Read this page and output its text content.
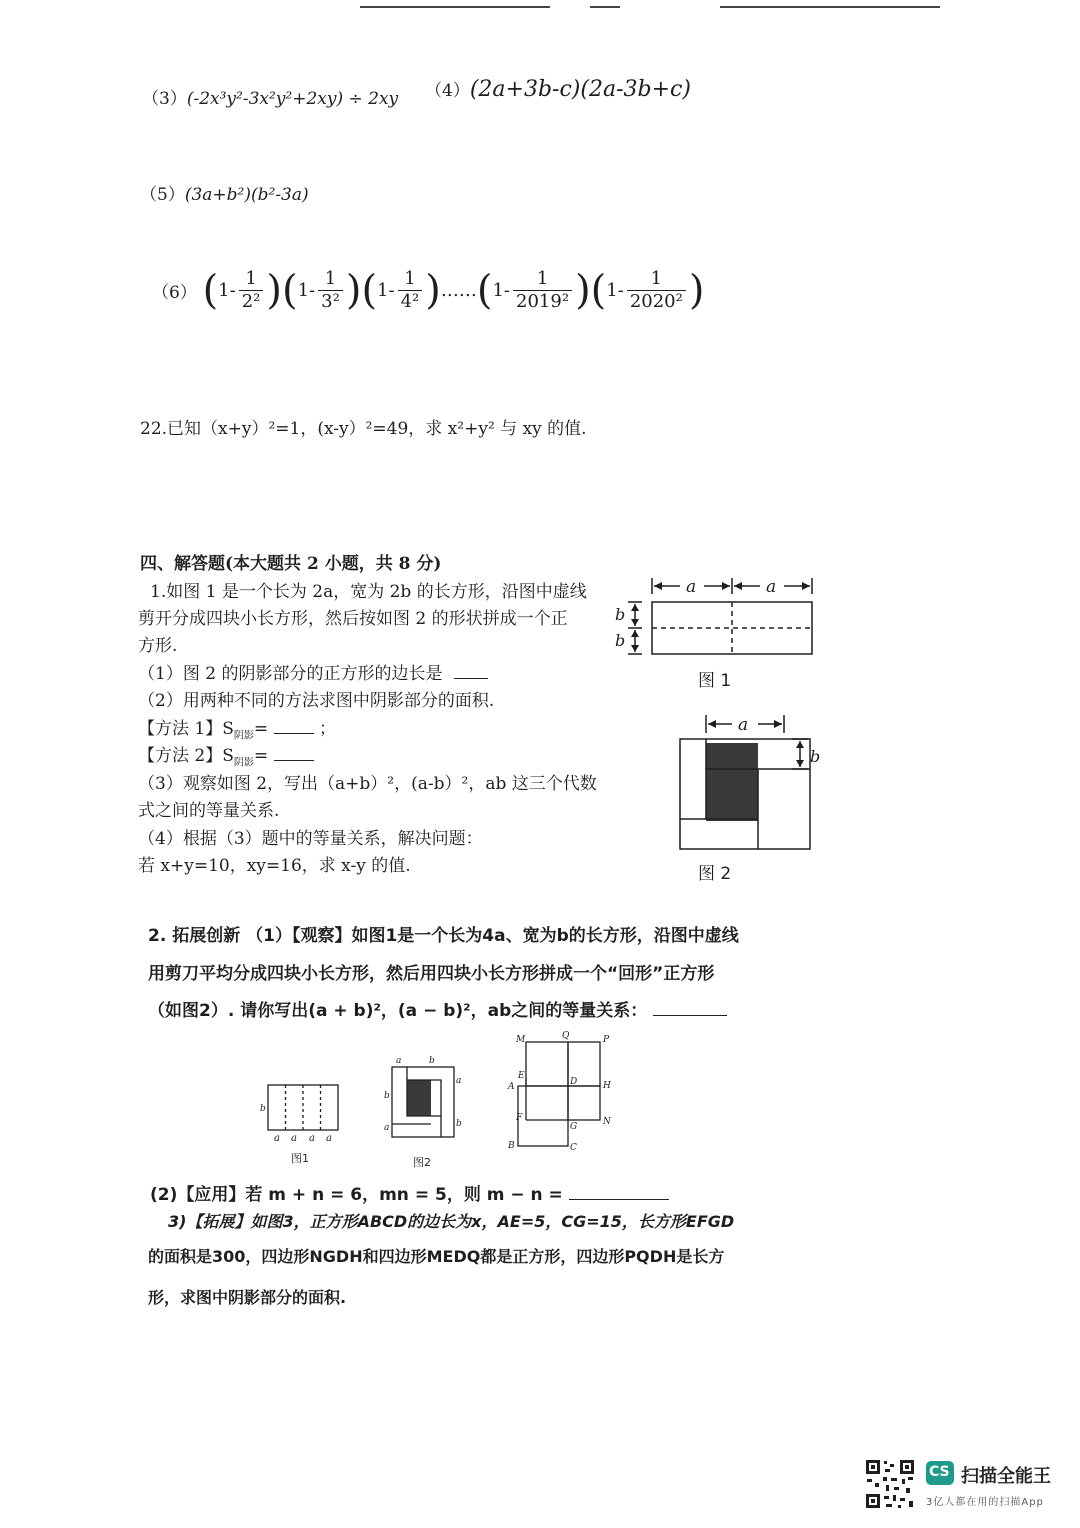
（3）(-2x³y²-3x²y²+2xy) ÷ 2xy （4）(2a+3b-c)(2a-3b+c)
（5）(3a+b²)(b²-3a)
（6） $(1- \frac{1}{\text{2²}} )(1- \frac{1}{\text{3²}} )(1- \frac{1}{\text{4²}}$ )……(1- $\frac{1}{\text{2019²}} )(1- \frac{1}{\text{2020²}}$ )
22.已知（x+y）²=1，(x-y）²=49，求 x²+y² 与 xy 的值.
四、解答题(本大题共 2 小题，共 8 分)
1.如图 1 是一个长为 2a，宽为 2b 的长方形，沿图中虚线
剪开分成四块小长方形，然后按如图 2 的形状拼成一个正
方形.
（1）图 2 的阴影部分的正方形的边长是
（2）用两种不同的方法求图中阴影部分的面积.
【方法 1】$S_{阴影}=$	；
【方法 2】$S_{阴影}=$
（3）观察如图 2，写出（a+b）²，(a-b）²，ab 这三个代数
式之间的等量关系.
（4）根据（3）题中的等量关系，解决问题：
若 x+y=10，xy=16，求 x-y 的值.
a	a
b
b
图 1
a
b
图 2
2. 拓展创新 （1）【观察】如图1是一个长为4a、宽为b的长方形，沿图中虚线
用剪刀平均分成四块小长方形，然后用四块小长方形拼成一个“回形”正方形
（如图2）. 请你写出(a + b)²，(a − b)²，ab之间的等量关系：
b
a a a a
图1
a	b
a
b
a	b
图2
M	Q	P
E
D	H
A
F
G	N
B	C
(2)【应用】若 m + n = 6，mn = 5，则 m − n =
3)【拓展】如图3，正方形ABCD的边长为x，AE=5，CG=15，长方形EFGD
的面积是300，四边形NGDH和四边形MEDQ都是正方形，四边形PQDH是长方
形，求图中阴影部分的面积.
CS 扫描全能王
3亿人都在用的扫描App
